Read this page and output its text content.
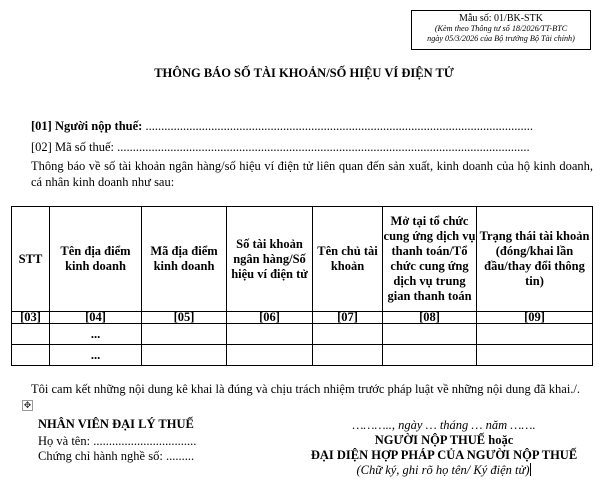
Mẫu số: 01/BK-STK
(Kèm theo Thông tư số 18/2026/TT-BTC
ngày 05/3/2026 của Bộ trưởng Bộ Tài chính)
THÔNG BÁO SỐ TÀI KHOẢN/SỐ HIỆU VÍ ĐIỆN TỬ
[01] Người nộp thuế: ............................................................................................................................
[02] Mã số thuế: ....................................................................................................................................
Thông báo về số tài khoản ngân hàng/số hiệu ví điện tử liên quan đến sản xuất, kinh doanh của hộ kinh doanh, cá nhân kinh doanh như sau:
STT	Tên địa điểm kinh doanh	Mã địa điểm kinh doanh	Số tài khoản ngân hàng/Số hiệu ví điện tử	Tên chủ tài khoản	Mở tại tổ chức cung ứng dịch vụ thanh toán/Tổ chức cung ứng dịch vụ trung gian thanh toán	Trạng thái tài khoản (đóng/khai lần đầu/thay đổi thông tin)
[03]	[04]	[05]	[06]	[07]	[08]	[09]
	...					
	...					
Tôi cam kết những nội dung kê khai là đúng và chịu trách nhiệm trước pháp luật về những nội dung đã khai./.
✥
NHÂN VIÊN ĐẠI LÝ THUẾ
Họ và tên: .................................
Chứng chỉ hành nghề số: .........
……….., ngày … tháng … năm …….
NGƯỜI NỘP THUẾ hoặc
ĐẠI DIỆN HỢP PHÁP CỦA NGƯỜI NỘP THUẾ
(Chữ ký, ghi rõ họ tên/ Ký điện tử)
